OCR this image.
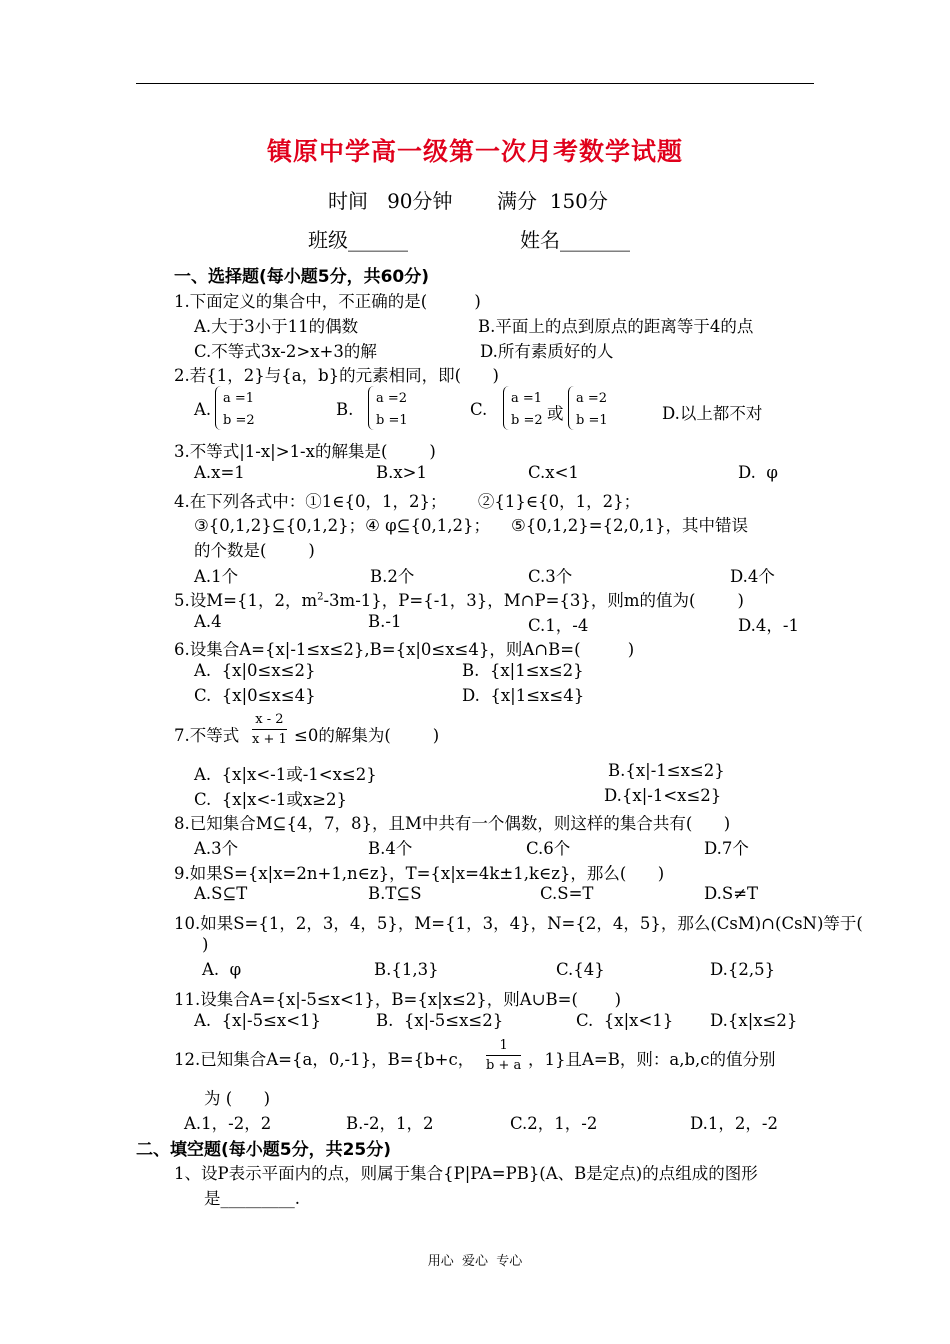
镇原中学高一级第一次月考数学试题
时间   90分钟       满分  150分
班级______	姓名_______
一、选择题(每小题5分，共60分)
1.下面定义的集合中，不正确的是(         )
A.大于3小于11的偶数	B.平面上的点到原点的距离等于4的点
C.不等式3x-2>x+3的解	D.所有素质好的人
2.若{1，2}与{a，b}的元素相同，即(      )
A.
a =1
b =2
B.
a =2
b =1
C.
a =1
b =2 或
a =2
b =1	D.以上都不对
3.不等式|1-x|>1-x的解集是(        )
A.x=1	B.x>1	C.x<1	D.  φ
4.在下列各式中：①1∈{0，1，2}；      ②{1}∈{0，1，2}；
③{0,1,2}⊆{0,1,2}；④ φ⊆{0,1,2}；    ⑤{0,1,2}={2,0,1}，其中错误
的个数是(        )
A.1个	B.2个	C.3个	D.4个
5.设M={1，2，$m^2-3m-1$}，P={-1，3}，M∩P={3}，则m的值为(        )
A.4	B.-1	C.1，-4	D.4，-1
6.设集合A={x|-1≤x≤2},B={x|0≤x≤4}，则A∩B=(         )
A.  {x|0≤x≤2}	B.  {x|1≤x≤2}
C.  {x|0≤x≤4}	D.  {x|1≤x≤4}
7.不等式 $\frac{x - 2}{x + 1} \le 0$的解集为(        )
A.  {x|x<-1或-1<x≤2}	B.{x|-1≤x≤2}
C.  {x|x<-1或x≥2}	D.{x|-1<x≤2}
8.已知集合M⊆{4，7，8}，且M中共有一个偶数，则这样的集合共有(      )
A.3个	B.4个	C.6个	D.7个
9.如果S={x|x=2n+1,n∈z}，T={x|x=4k±1,k∈z}，那么(      )
A.S⊆T	B.T⊆S	C.S=T	D.S≠T
10.如果S={1，2，3，4，5}，M={1，3，4}，N={2，4，5}，那么(CsM)∩(CsN)等于(
)
A.  φ	B.{1,3}	C.{4}	D.{2,5}
11.设集合A={x|-5≤x<1}，B={x|x≤2}，则A∪B=(       )
A.  {x|-5≤x<1}	B.  {x|-5≤x≤2}	C.  {x|x<1} D.{x|x≤2}
12.已知集合A={a，0,-1}，B={b+c， $\frac{1}{b + a}$ ，1}且A=B，则：a,b,c的值分别
为 (      )
A.1，-2，2	B.-2，1，2	C.2，1，-2	D.1，2，-2
二、填空题(每小题5分，共25分)
1、设P表示平面内的点，则属于集合{P|PA=PB}(A、B是定点)的点组成的图形
是_________.
用心  爱心  专心
